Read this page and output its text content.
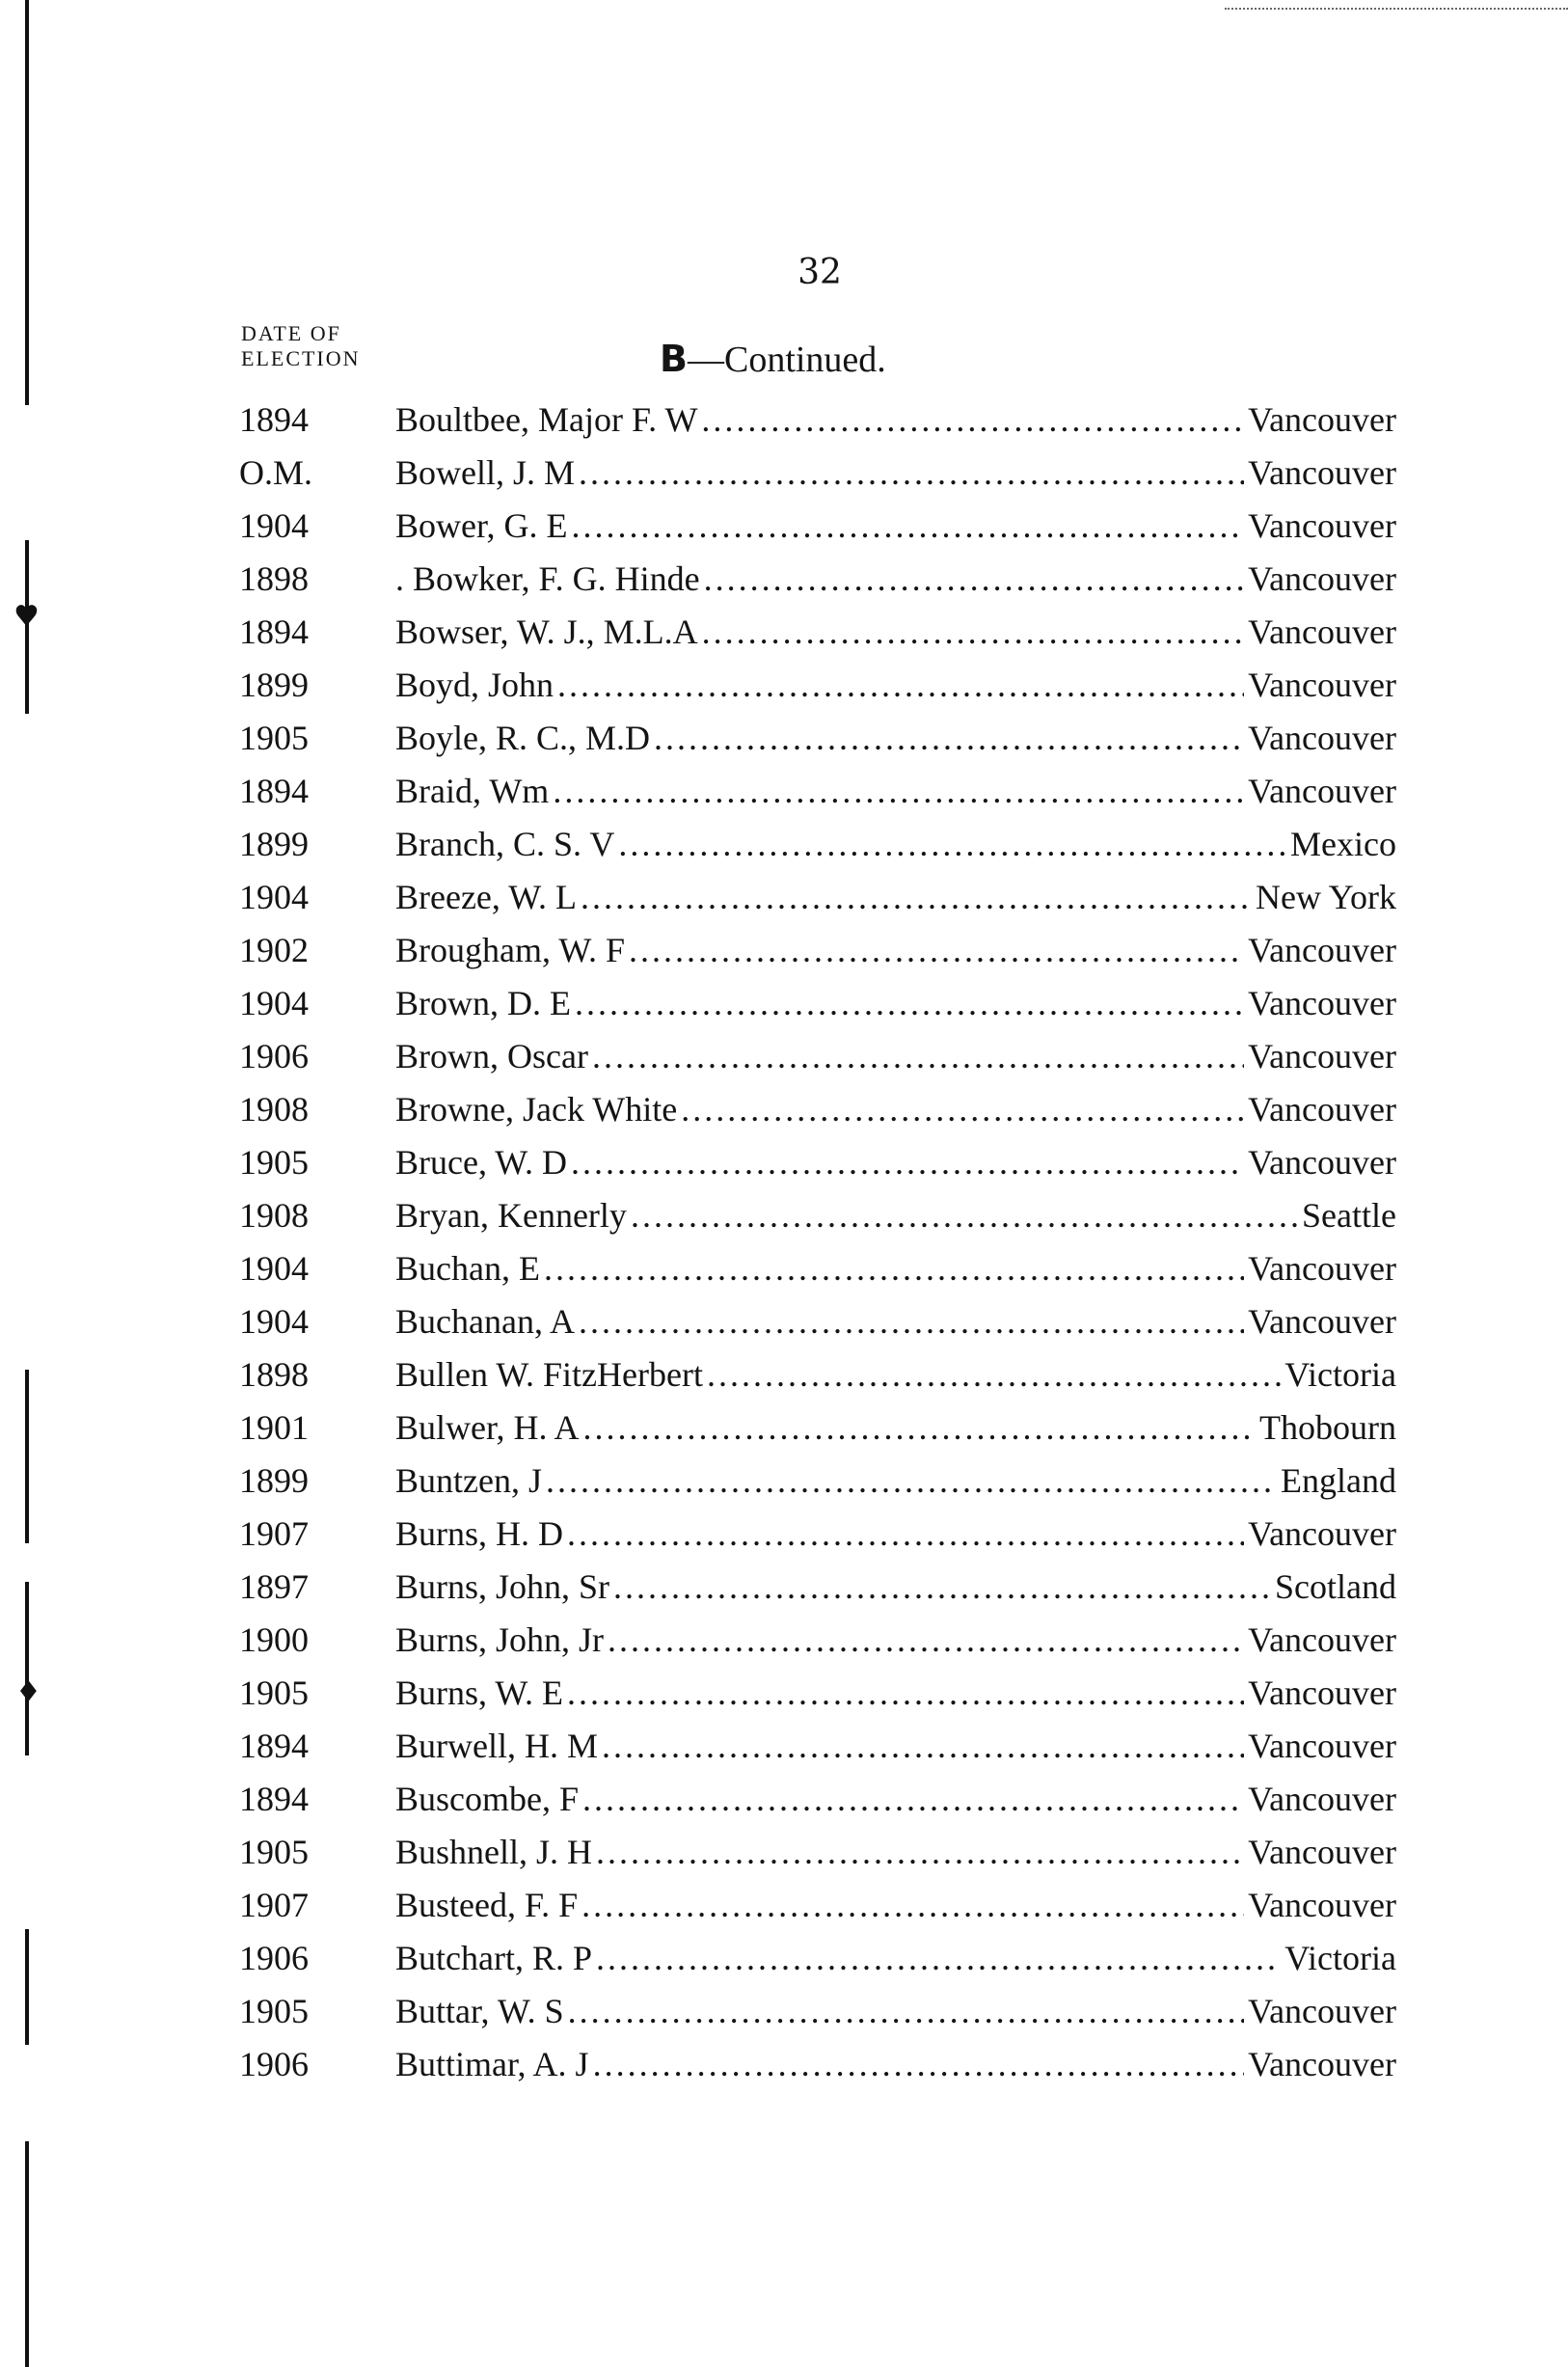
♥
♦
32
DATE OF
ELECTION	B—Continued.
1894	Boultbee, Major F. W .....	Vancouver
O.M.	Bowell, J. M .....	Vancouver
1904	Bower, G. E .....	Vancouver
1898	. Bowker, F. G. Hinde .....	Vancouver
1894	Bowser, W. J., M.L.A .....	Vancouver
1899	Boyd, John .....	Vancouver
1905	Boyle, R. C., M.D .....	Vancouver
1894	Braid, Wm .....	Vancouver
1899	Branch, C. S. V .....	Mexico
1904	Breeze, W. L .....	New York
1902	Brougham, W. F .....	Vancouver
1904	Brown, D. E .....	Vancouver
1906	Brown, Oscar .....	Vancouver
1908	Browne, Jack White .....	Vancouver
1905	Bruce, W. D .....	Vancouver
1908	Bryan, Kennerly .....	Seattle
1904	Buchan, E .....	Vancouver
1904	Buchanan, A .....	Vancouver
1898	Bullen W. FitzHerbert .....	Victoria
1901	Bulwer, H. A .....	Thobourn
1899	Buntzen, J .....	England
1907	Burns, H. D .....	Vancouver
1897	Burns, John, Sr .....	Scotland
1900	Burns, John, Jr .....	Vancouver
1905	Burns, W. E .....	Vancouver
1894	Burwell, H. M .....	Vancouver
1894	Buscombe, F .....	Vancouver
1905	Bushnell, J. H .....	Vancouver
1907	Busteed, F. F .....	Vancouver
1906	Butchart, R. P .....	Victoria
1905	Buttar, W. S .....	Vancouver
1906	Buttimar, A. J .....	Vancouver
